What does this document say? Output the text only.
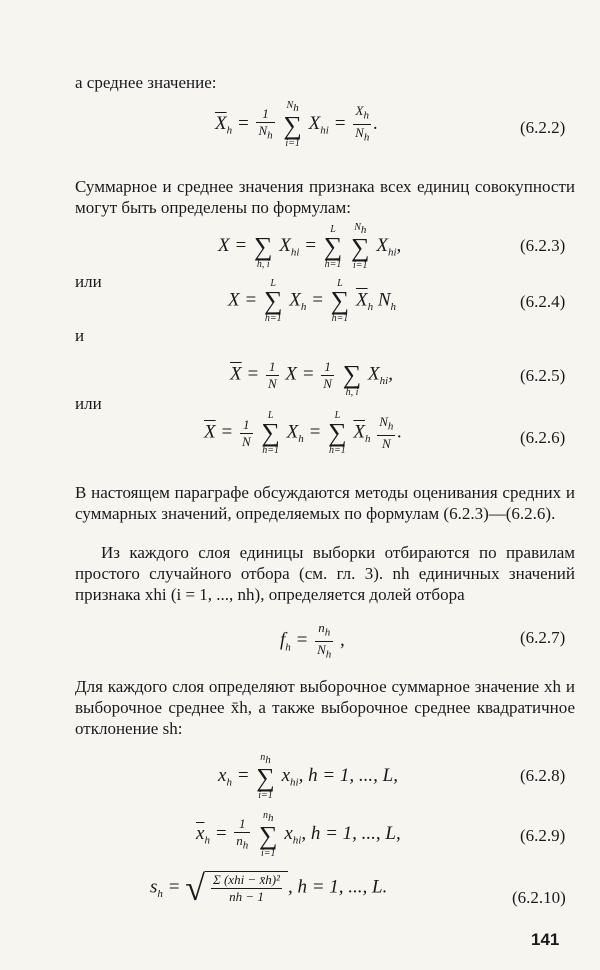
а среднее значение:
$\overline{X}_h = \frac{1}{N_h}$

$N_h$
∑
i=1
$X_{hi} = \frac{X_h}{N_h}$ .	(6.2.2)
Суммарное и среднее значения признака всех единиц совокупности могут быть определены по формулам:
X =
∑
h, i
$X_{hi}$ =
L
∑
h=1

$N_h$
∑
i=1
$X_{hi}$,	(6.2.3)
или
X =
L
∑
h=1
$X_h$ =
L
∑
h=1
$\overline{X}_h$ $N_h$	(6.2.4)
и
$\overline{X} = \frac{1}{N}$ $X = \frac{1}{N}$

∑
h, i
$X_{hi}$,	(6.2.5)
или
$\overline{X} = \frac{1}{N}$

L
∑
h=1
$X_h$ =
L
∑
h=1
$\overline{X}_h \frac{N_h}{N}$ .	(6.2.6)
В настоящем параграфе обсуждаются методы оценивания средних и суммарных значений, определяемых по формулам (6.2.3)—(6.2.6).
Из каждого слоя единицы выборки отбираются по правилам простого случайного отбора (см. гл. 3). nh единичных значений признака xhi (i = 1, ..., nh), определяется долей отбора
$f_h = \frac{n_h}{N_h}$ ,	(6.2.7)
Для каждого слоя определяют выборочное суммарное значение xh и выборочное среднее x̄h, а также выборочное среднее квадратичное отклонение sh:
$x_h$ =
$n_h$
∑
i=1
$x_{hi}$, h = 1, ..., L,	(6.2.8)
$\overline{x}_h = \frac{1}{n_h}$

$n_h$
∑
i=1
$x_{hi}$, h = 1, ..., L,	(6.2.9)
$s_h$ = √ $\frac{\text{Σ (xhi − x̄h)²}}{nh - 1}$ , h = 1, ..., L.
(6.2.10)
141
